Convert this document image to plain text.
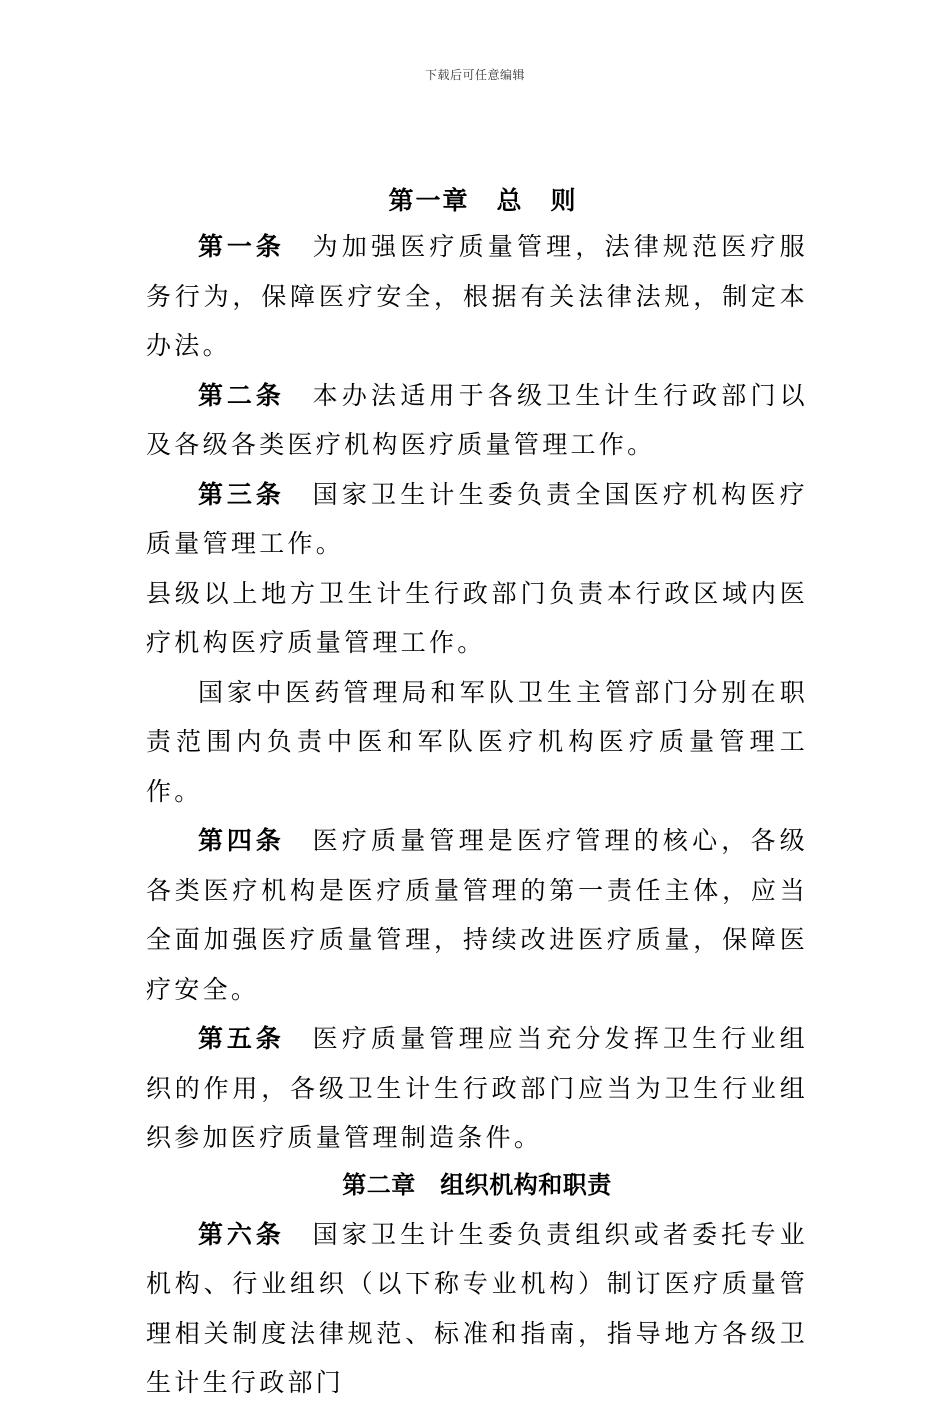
下载后可任意编辑
第一章　总　则

第一条 为加强医疗质量管理，法律规范医疗服务行为，保障医疗安全，根据有关法律法规，制定本办法。

第二条 本办法适用于各级卫生计生行政部门以及各级各类医疗机构医疗质量管理工作。

第三条 国家卫生计生委负责全国医疗机构医疗质量管理工作。

县级以上地方卫生计生行政部门负责本行政区域内医疗机构医疗质量管理工作。

国家中医药管理局和军队卫生主管部门分别在职责范围内负责中医和军队医疗机构医疗质量管理工作。

第四条 医疗质量管理是医疗管理的核心，各级各类医疗机构是医疗质量管理的第一责任主体，应当全面加强医疗质量管理，持续改进医疗质量，保障医疗安全。

第五条 医疗质量管理应当充分发挥卫生行业组织的作用，各级卫生计生行政部门应当为卫生行业组织参加医疗质量管理制造条件。

第二章　组织机构和职责

第六条 国家卫生计生委负责组织或者委托专业机构、行业组织（以下称专业机构）制订医疗质量管理相关制度法律规范、标准和指南，指导地方各级卫生计生行政部门
